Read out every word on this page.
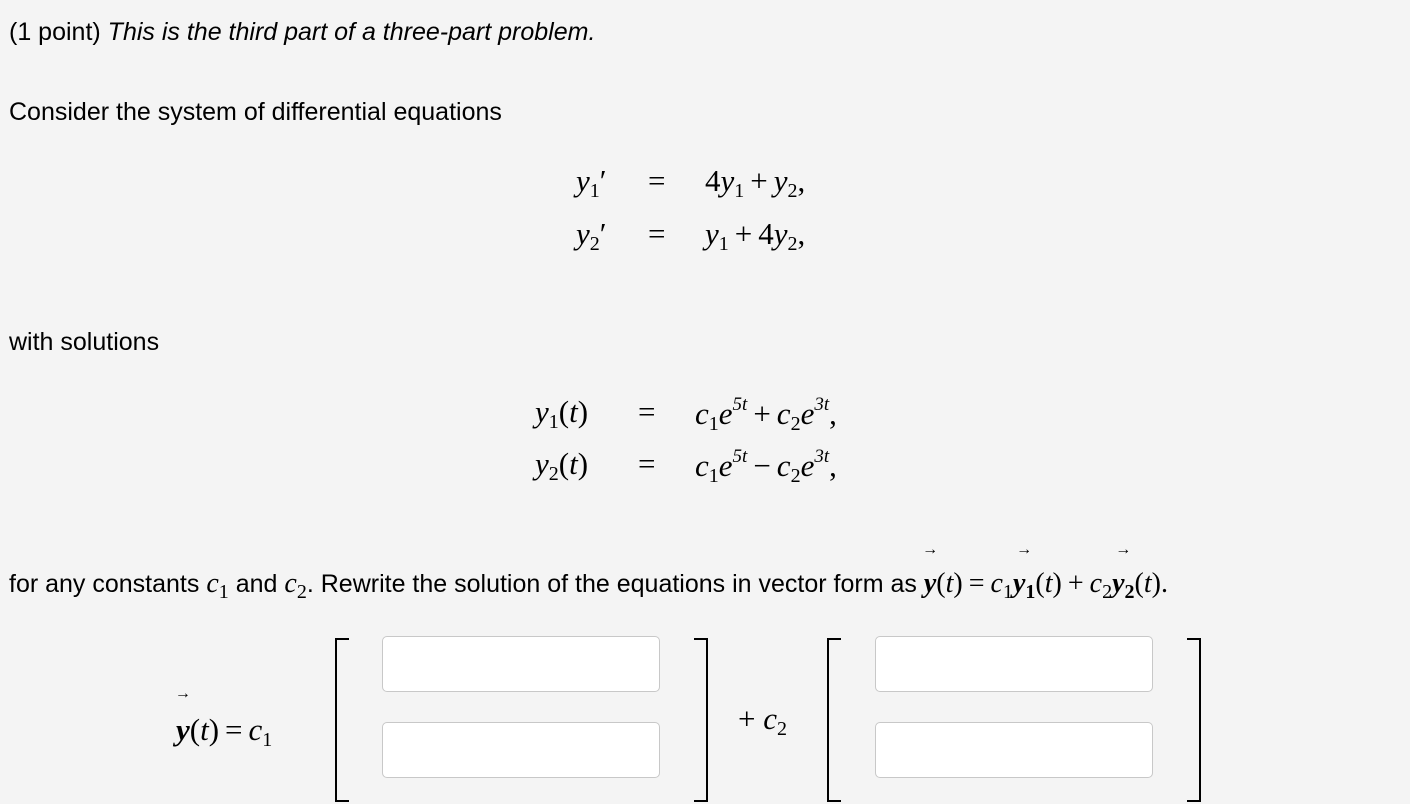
(1 point) This is the third part of a three-part problem.
Consider the system of differential equations
$y_1' = 4y_1 + y_2$,
$y_2' = y_1 + 4y_2$,
with solutions
$y_1(t) = c_1e^{5t} + c_2e^{3t}$,
$y_2(t) = c_1e^{5t} - c_2e^{3t}$,
for any constants $c_1$ and $c_2$. Rewrite the solution of the equations in vector form as y
→
$(t) = c_1y_1$
→
$(t) + c_2y_2$
→
(t).
y
→
$(t) = c_1$
+ $c_2$
